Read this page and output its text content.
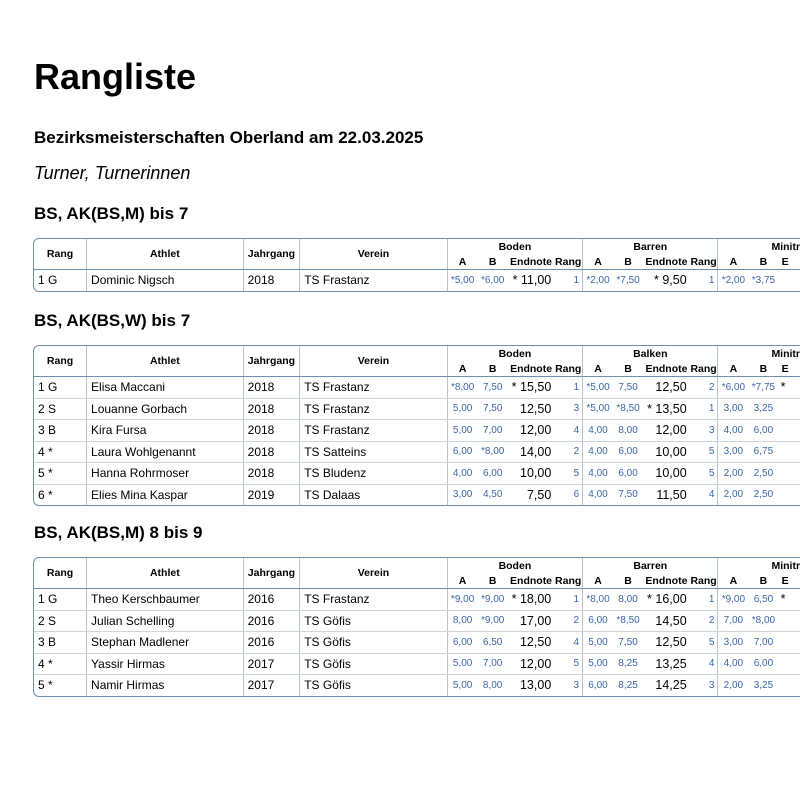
Rangliste
Bezirksmeisterschaften Oberland am 22.03.2025
Turner, Turnerinnen
BS, AK(BS,M) bis 7
Rang	Athlet	Jahrgang	Verein	Boden				Barren				Minitr			
				A	B	Endnote	Rang	A	B	Endnote	Rang	A	B	E	
1 G	Dominic Nigsch	2018	TS Frastanz	*5,00	*6,00	* 11,00	1	*2,00	*7,50	* 9,50	1	*2,00	*3,75		
BS, AK(BS,W) bis 7
Rang	Athlet	Jahrgang	Verein	Boden				Balken				Minitr			
				A	B	Endnote	Rang	A	B	Endnote	Rang	A	B	E	
1 G	Elisa Maccani	2018	TS Frastanz	*8,00	7,50	* 15,50	1	*5,00	7,50	12,50	2	*6,00	*7,75	*	
2 S	Louanne Gorbach	2018	TS Frastanz	5,00	7,50	12,50	3	*5,00	*8,50	* 13,50	1	3,00	3,25		
3 B	Kira Fursa	2018	TS Frastanz	5,00	7,00	12,00	4	4,00	8,00	12,00	3	4,00	6,00		
4 *	Laura Wohlgenannt	2018	TS Satteins	6,00	*8,00	14,00	2	4,00	6,00	10,00	5	3,00	6,75		
5 *	Hanna Rohrmoser	2018	TS Bludenz	4,00	6,00	10,00	5	4,00	6,00	10,00	5	2,00	2,50		
6 *	Elies Mina Kaspar	2019	TS Dalaas	3,00	4,50	7,50	6	4,00	7,50	11,50	4	2,00	2,50		
BS, AK(BS,M) 8 bis 9
Rang	Athlet	Jahrgang	Verein	Boden				Barren				Minitr			
				A	B	Endnote	Rang	A	B	Endnote	Rang	A	B	E	
1 G	Theo Kerschbaumer	2016	TS Frastanz	*9,00	*9,00	* 18,00	1	*8,00	8,00	* 16,00	1	*9,00	6,50	*	
2 S	Julian Schelling	2016	TS Göfis	8,00	*9,00	17,00	2	6,00	*8,50	14,50	2	7,00	*8,00		
3 B	Stephan Madlener	2016	TS Göfis	6,00	6,50	12,50	4	5,00	7,50	12,50	5	3,00	7,00		
4 *	Yassir Hirmas	2017	TS Göfis	5,00	7,00	12,00	5	5,00	8,25	13,25	4	4,00	6,00		
5 *	Namir Hirmas	2017	TS Göfis	5,00	8,00	13,00	3	6,00	8,25	14,25	3	2,00	3,25		
